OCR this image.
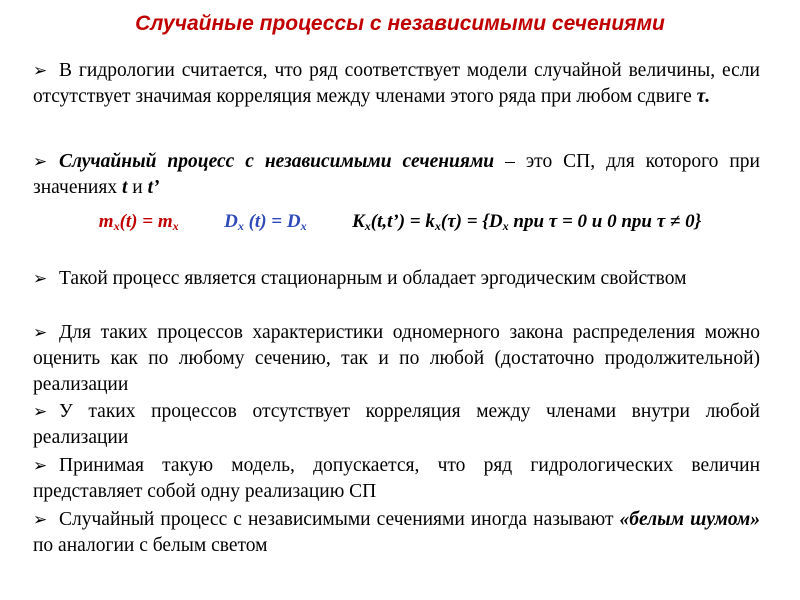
Случайные процессы с независимыми сечениями
➢ В гидрологии считается, что ряд соответствует модели случайной величины, если отсутствует значимая корреляция между членами этого ряда при любом сдвиге τ.
➢ Случайный процесс с независимыми сечениями – это СП, для которого при значениях t и t’
$m_x(t) = m_x$ $D_x$ $(t) = D_x$ $K_x(t,t’) = k_x(\tau) = \{D_x$ при τ = 0 и 0 при τ ≠ 0}
➢ Такой процесс является стационарным и обладает эргодическим свойством
➢ Для таких процессов характеристики одномерного закона распределения можно оценить как по любому сечению, так и по любой (достаточно продолжительной) реализации
➢ У таких процессов отсутствует корреляция между членами внутри любой реализации
➢ Принимая такую модель, допускается, что ряд гидрологических величин представляет собой одну реализацию СП
➢ Случайный процесс с независимыми сечениями иногда называют «белым шумом» по аналогии с белым светом
